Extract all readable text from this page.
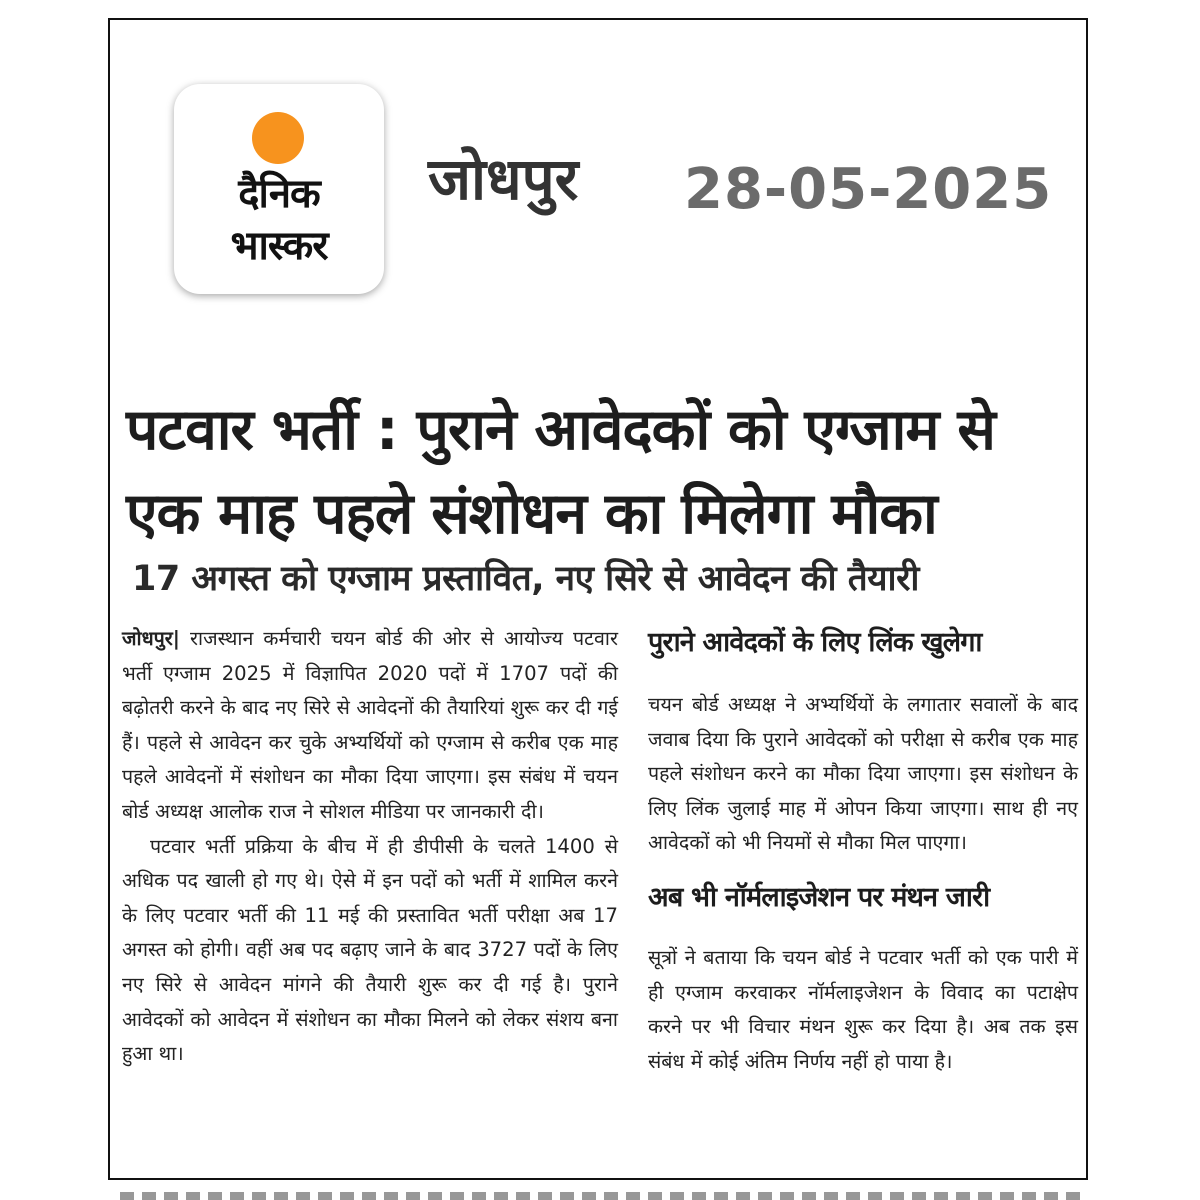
दैनिक
भास्कर
जोधपुर 28-05-2025
पटवार भर्ती : पुराने आवेदकों को एग्जाम से
एक माह पहले संशोधन का मिलेगा मौका
17 अगस्त को एग्जाम प्रस्तावित, नए सिरे से आवेदन की तैयारी

जोधपुर| राजस्थान कर्मचारी चयन बोर्ड की ओर से आयोज्य पटवार भर्ती एग्जाम 2025 में विज्ञापित 2020 पदों में 1707 पदों की बढ़ोतरी करने के बाद नए सिरे से आवेदनों की तैयारियां शुरू कर दी गई हैं। पहले से आवेदन कर चुके अभ्यर्थियों को एग्जाम से करीब एक माह पहले आवेदनों में संशोधन का मौका दिया जाएगा। इस संबंध में चयन बोर्ड अध्यक्ष आलोक राज ने सोशल मीडिया पर जानकारी दी।

पटवार भर्ती प्रक्रिया के बीच में ही डीपीसी के चलते 1400 से अधिक पद खाली हो गए थे। ऐसे में इन पदों को भर्ती में शामिल करने के लिए पटवार भर्ती की 11 मई की प्रस्तावित भर्ती परीक्षा अब 17 अगस्त को होगी। वहीं अब पद बढ़ाए जाने के बाद 3727 पदों के लिए नए सिरे से आवेदन मांगने की तैयारी शुरू कर दी गई है। पुराने आवेदकों को आवेदन में संशोधन का मौका मिलने को लेकर संशय बना हुआ था।

पुराने आवेदकों के लिए लिंक खुलेगा

चयन बोर्ड अध्यक्ष ने अभ्यर्थियों के लगातार सवालों के बाद जवाब दिया कि पुराने आवेदकों को परीक्षा से करीब एक माह पहले संशोधन करने का मौका दिया जाएगा। इस संशोधन के लिए लिंक जुलाई माह में ओपन किया जाएगा। साथ ही नए आवेदकों को भी नियमों से मौका मिल पाएगा।

अब भी नॉर्मलाइजेशन पर मंथन जारी

सूत्रों ने बताया कि चयन बोर्ड ने पटवार भर्ती को एक पारी में ही एग्जाम करवाकर नॉर्मलाइजेशन के विवाद का पटाक्षेप करने पर भी विचार मंथन शुरू कर दिया है। अब तक इस संबंध में कोई अंतिम निर्णय नहीं हो पाया है।
